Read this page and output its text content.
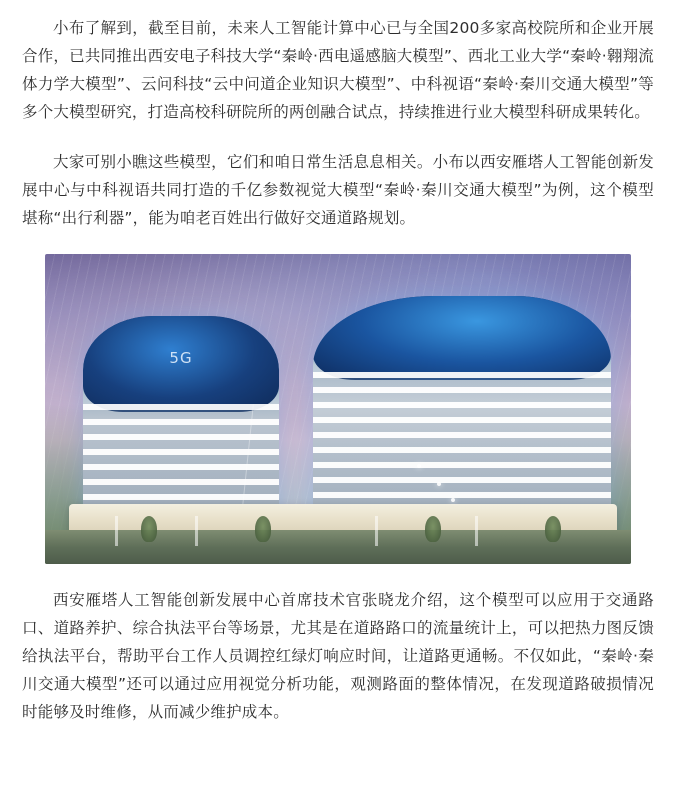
小布了解到，截至目前，未来人工智能计算中心已与全国200多家高校院所和企业开展合作，已共同推出西安电子科技大学“秦岭·西电遥感脑大模型”、西北工业大学“秦岭·翱翔流体力学大模型”、云问科技“云中问道企业知识大模型”、中科视语“秦岭·秦川交通大模型”等多个大模型研究，打造高校科研院所的两创融合试点，持续推进行业大模型科研成果转化。

大家可别小瞧这些模型，它们和咱日常生活息息相关。小布以西安雁塔人工智能创新发展中心与中科视语共同打造的千亿参数视觉大模型“秦岭·秦川交通大模型”为例，这个模型堪称“出行利器”，能为咱老百姓出行做好交通道路规划。

5G

西安雁塔人工智能创新发展中心首席技术官张晓龙介绍，这个模型可以应用于交通路口、道路养护、综合执法平台等场景，尤其是在道路路口的流量统计上，可以把热力图反馈给执法平台，帮助平台工作人员调控红绿灯响应时间，让道路更通畅。不仅如此，“秦岭·秦川交通大模型”还可以通过应用视觉分析功能，观测路面的整体情况，在发现道路破损情况时能够及时维修，从而减少维护成本。
